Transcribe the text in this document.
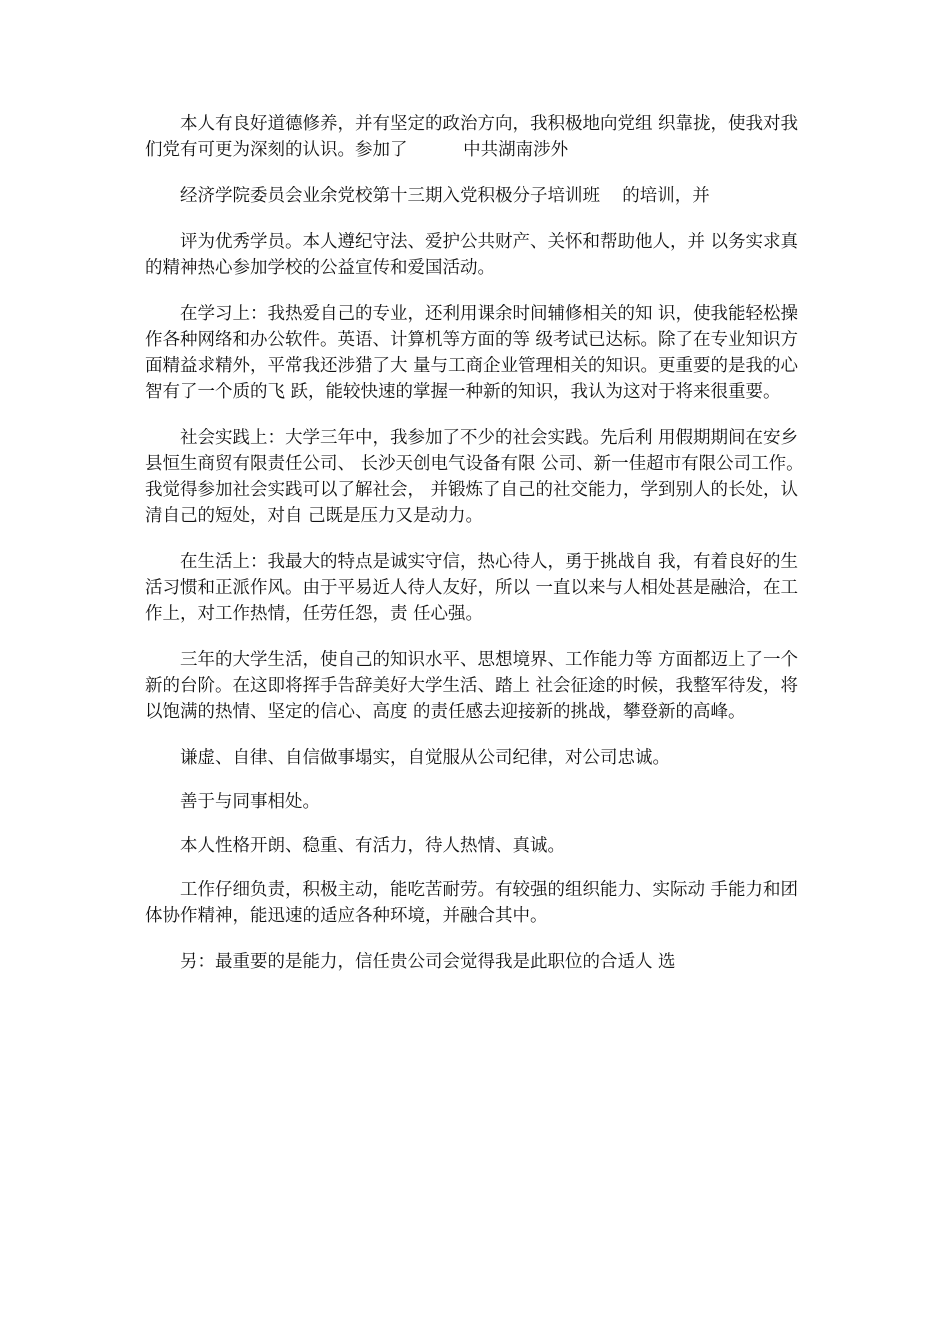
本人有良好道德修养，并有坚定的政治方向，我积极地向党组 织靠拢，使我对我们党有可更为深刻的认识。参加了          中共湖南涉外

经济学院委员会业余党校第十三期入党积极分子培训班    的培训，并

评为优秀学员。本人遵纪守法、爱护公共财产、关怀和帮助他人，并 以务实求真的精神热心参加学校的公益宣传和爱国活动。

在学习上：我热爱自己的专业，还利用课余时间辅修相关的知 识，使我能轻松操作各种网络和办公软件。英语、计算机等方面的等 级考试已达标。除了在专业知识方面精益求精外，平常我还涉猎了大 量与工商企业管理相关的知识。更重要的是我的心智有了一个质的飞 跃，能较快速的掌握一种新的知识，我认为这对于将来很重要。

社会实践上：大学三年中，我参加了不少的社会实践。先后利 用假期期间在安乡县恒生商贸有限责任公司、 长沙天创电气设备有限 公司、新一佳超市有限公司工作。我觉得参加社会实践可以了解社会， 并锻炼了自己的社交能力，学到别人的长处，认清自己的短处，对自 己既是压力又是动力。

在生活上：我最大的特点是诚实守信，热心待人，勇于挑战自 我，有着良好的生活习惯和正派作风。由于平易近人待人友好，所以 一直以来与人相处甚是融洽，在工作上，对工作热情，任劳任怨，责 任心强。

三年的大学生活，使自己的知识水平、思想境界、工作能力等 方面都迈上了一个新的台阶。在这即将挥手告辞美好大学生活、踏上 社会征途的时候，我整军待发，将以饱满的热情、坚定的信心、高度 的责任感去迎接新的挑战，攀登新的高峰。

谦虚、自律、自信做事塌实，自觉服从公司纪律，对公司忠诚。

善于与同事相处。

本人性格开朗、稳重、有活力，待人热情、真诚。

工作仔细负责，积极主动，能吃苦耐劳。有较强的组织能力、实际动 手能力和团体协作精神，能迅速的适应各种环境，并融合其中。

另：最重要的是能力，信任贵公司会觉得我是此职位的合适人 选
